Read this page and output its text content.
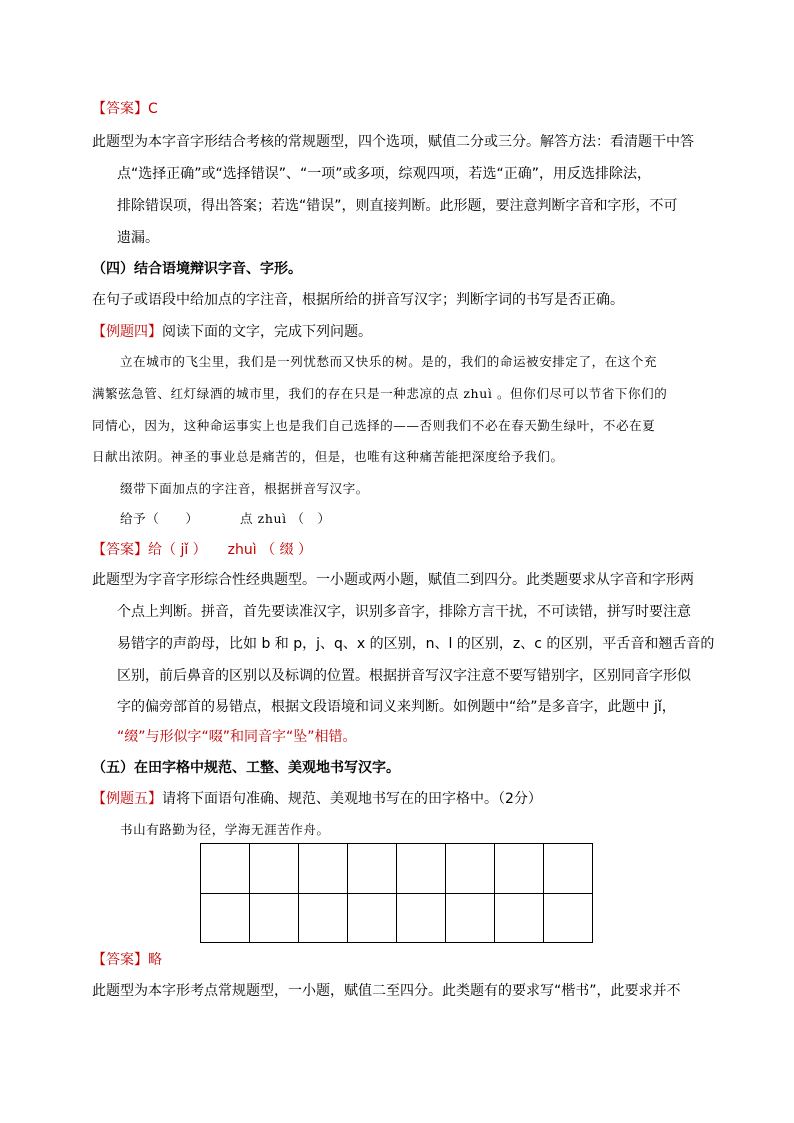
【答案】C
此题型为本字音字形结合考核的常规题型，四个选项，赋值二分或三分。解答方法：看清题干中答
点“选择正确”或“选择错误”、“一项”或多项，综观四项，若选“正确”，用反选排除法，
排除错误项，得出答案；若选“错误”，则直接判断。此形题，要注意判断字音和字形，不可
遗漏。
（四）结合语境辩识字音、字形。
在句子或语段中给加点的字注音，根据所给的拼音写汉字；判断字词的书写是否正确。
【例题四】阅读下面的文字，完成下列问题。
立在城市的飞尘里，我们是一列忧愁而又快乐的树。是的，我们的命运被安排定了，在这个充
满繁弦急管、红灯绿酒的城市里，我们的存在只是一种悲凉的点 zhuì 。但你们尽可以节省下你们的
同情心，因为，这种命运事实上也是我们自己选择的——否则我们不必在春天勤生绿叶，不必在夏
日献出浓阴。神圣的事业总是痛苦的，但是，也唯有这种痛苦能把深度给予我们。
缀带下面加点的字注音，根据拼音写汉字。
给予（　　）	点 zhuì （　）
【答案】给（ jǐ ）　　zhuì （ 缀 ）
此题型为字音字形综合性经典题型。一小题或两小题，赋值二到四分。此类题要求从字音和字形两
个点上判断。拼音，首先要读准汉字，识别多音字，排除方言干扰，不可读错，拼写时要注意
易错字的声韵母，比如 b 和 p，j、q、x 的区别，n、l 的区别，z、c 的区别，平舌音和翘舌音的
区别，前后鼻音的区别以及标调的位置。根据拼音写汉字注意不要写错别字，区别同音字形似
字的偏旁部首的易错点，根据文段语境和词义来判断。如例题中“给”是多音字，此题中 jǐ，
“缀”与形似字“啜”和同音字“坠”相错。
（五）在田字格中规范、工整、美观地书写汉字。
【例题五】请将下面语句准确、规范、美观地书写在的田字格中。（2分）
书山有路勤为径，学海无涯苦作舟。

【答案】略
此题型为本字形考点常规题型，一小题，赋值二至四分。此类题有的要求写“楷书”，此要求并不
